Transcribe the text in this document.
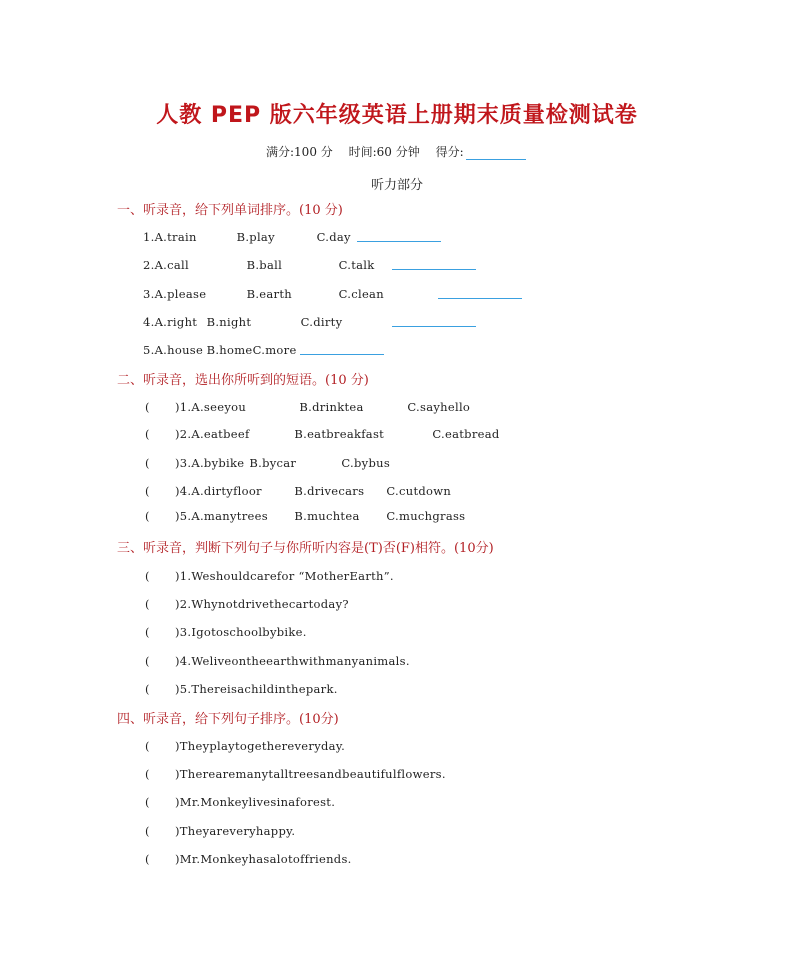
人教 PEP 版六年级英语上册期末质量检测试卷
满分:100 分 时间:60 分钟 得分:
听力部分
一、听录音，给下列单词排序。(10 分)
1.A.train	B.play	C.day
2.A.call	B.ball	C.talk
3.A.please	B.earth	C.clean
4.A.right B.night	C.dirty
5.A.house B.homeC.more
二、听录音，选出你所听到的短语。(10 分)
( )1.A.seeyou	B.drinktea	C.sayhello
( )2.A.eatbeef	B.eatbreakfast	C.eatbread
( )3.A.bybike B.bycar	C.bybus
( )4.A.dirtyfloor	B.drivecars C.cutdown
( )5.A.manytrees B.muchtea C.muchgrass
三、听录音，判断下列句子与你所听内容是(T)否(F)相符。(10分)
( )1.Weshouldcarefor “MotherEarth”.
( )2.Whynotdrivethecartoday?
( )3.Igotoschoolbybike.
( )4.Weliveontheearthwithmanyanimals.
( )5.Thereisachildinthepark.
四、听录音，给下列句子排序。(10分)
( )Theyplaytogethereveryday.
( )Therearemanytalltreesandbeautifulflowers.
( )Mr.Monkeylivesinaforest.
( )Theyareveryhappy.
( )Mr.Monkeyhasalotoffriends.
